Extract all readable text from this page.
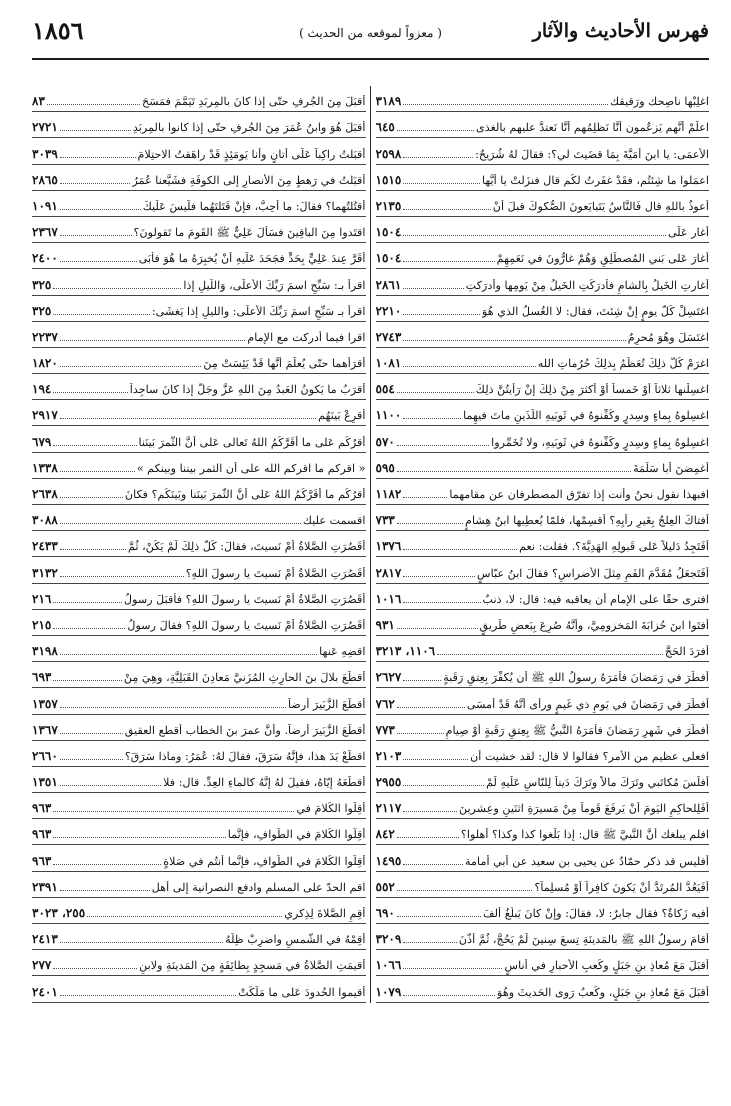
فهرس الأحاديث والآثار
( معزواً لموقعه من الحديث )
١٨٥٦
اغلِبْها ناصِحك ورَقيقك
٣١٨٩
اعلَمْ أنَّهم يَزعُمون أنَّا نَظلِمُهم أنَّا نَعتدُّ عليهم بالغذى
٦٤٥
الأعمَى: يا ابنَ أُمَيَّةَ بِمَا قضَيتَ لي؟: فقالَ لهُ شُرَيحٌ:
٢٥٩٨
اعمَلوا ما شِئتُم، فقَدْ غفَرتُ لكُم قال فنزَلتْ يا أيُّها
١٥١٥
أَعوذُ باللهِ قال فَالنَّاسُ يَتَبايَعونَ الصُّكوكَ قبلَ أنْ
٢١٣٥
أغار عَلَى
١٥٠٤
أغارَ عَلى بَني المُصطَلِقِ وَهُمْ غارُّونَ في نَعَمِهِمْ
١٥٠٤
أغارتِ الخَيلُ بِالشامِ فأَدرَكَتِ الخَيلُ مِنْ يَومِها وأَدرَكتِ
٢٨٦١
اغتَسِلْ كُلَّ يومٍ إنْ شِئتَ، فقال: لا الغُسلُ الذي هُوَ
٢٢١٠
اغتَسَلَ وهُوَ مُحرِمٌ
٢٧٤٣
اغرَمْ كُلَّ ذلِكَ تُعَظِّمُ بِذلِكَ حُرُماتِ الله
١٠٨١
اغسِلْنها ثلاثاً أوْ خَمساً أوْ أكثرَ مِنْ ذلِكَ إنْ رَأيتُنَّ ذلِكَ
٥٥٤
اغسِلوهُ بِماءٍ وسِدرٍ وكَفِّنوهُ في ثَوبَيهِ اللَّذَينِ ماتَ فيهِما
١١٠٠
اغسِلوهُ بِماءٍ وسِدرٍ وكَفِّنوهُ في ثَوبَيهِ، ولا تُخَمِّروا
٥٧٠
أغمِضنَ أبا سَلَمَةَ
٥٩٥
افبهذا نقول نحنُ وأنت إذا تفرّق المصطرفان عن مقامهما
١١٨٢
أَفتاكَ العِلجُ بِغَيرِ رأيِهِ؟ أقسِمْها، فلمّا يُعطِيها ابنُ هِشامٍ
٧٣٣
أَفَتَجِدُ دَليلاً عَلى قَبولِهِ الهَدِيَّةَ؟. فقلت: نعم
١٣٧٦
أفَتَجعَلُ مُقَدَّمَ الفَمِ مِثلَ الأضراسِ؟ فقالَ ابنُ عبّاسٍ
٢٨١٧
افترى حقًا على الإمام أن يعاقبه فيه: قال: لا، ذنبٌ
١٠١٦
أفتَوا ابنَ حُزابَةَ المَخزومِيَّ، وأنَّهُ صُرِعَ بِبَعضِ طَريقٍ
٩٣١
أفرَدَ الحَجَّ
١١٠٦، ٣٢١٣
أفطَرَ في رَمَضانَ فأمَرَهُ رسولُ اللهِ ﷺ أن يُكفِّرَ بِعِتقِ رَقَبةٍ
٢٦٢٧
أفطَرَ في رَمَضانَ في يَومِ ذي غَيمٍ ورأَى أنَّهُ قَدْ أمسَى
٧٦٢
أفطَرَ في شَهرِ رَمَضانَ فأمَرَهُ النَّبيُّ ﷺ بِعِتقِ رَقَبةٍ أوْ صِيامِ
٧٧٣
افعلى عظيم من الأمر؟ فقالوا لا قال: لقد خشيت أن
٢١٠٣
أفلَسَ مُكاتَبي وتَرَكَ مالاً وتَرَكَ دَيناً لِلنّاسِ عَلَيهِ لَمْ
٢٩٥٥
أفَلِلحاكِمِ اليَومَ أنْ يَرفَعَ قَوماً مِنْ مَسيرَةِ اثنَينِ وعِشرينَ
٢١١٧
افلم يبلغك أنَّ النَّبيَّ ﷺ قال: إذا بَلَغوا كذا وكذا؟ أهلوا؟
٨٤٢
أفليس قد ذكر حمّادٌ عن يحيى بن سعيد عن أبي أمامة
١٤٩٥
أفَيَعُدُّ المُرتَدُّ أنْ يَكونَ كافِراً أوْ مُسلِماً؟
٥٥٢
أفيه زَكاةٌ؟ فقال جابرٌ: لا، فقالَ: وإنْ كانَ يَبلُغُ ألفَ
٦٩٠
أقامَ رسولُ اللهِ ﷺ بالمَدينَةِ تِسعَ سِنينَ لَمْ يَحُجَّ، ثُمَّ أذَّنَ
٣٢٠٩
أقبَلَ مَعَ مُعاذِ بنِ جَبَلٍ وكَعبِ الأحبارِ في أُناسٍ
١٠٦٦
أقبَلَ مَعَ مُعاذِ بنِ جَبَلٍ، وكَعبٌ رَوى الحَديثَ وهُوَ
١٠٧٩
أقبَلَ مِنَ الجُرفِ حتّى إذا كانَ بالمِربَدِ تَيَمَّمَ فمَسَحَ
٨٣
أقبَلَ هُوَ وابنُ عُمَرَ مِنَ الجُرفِ حتّى إذا كانوا بالمِربَدِ
٢٧٢١
أقبَلتُ راكِباً عَلَى أتانٍ وأنا يَومَئِذٍ قَدْ راهَقتُ الاحتِلامَ
٣٠٣٩
أقبَلتُ في رَهطٍ مِنَ الأنصارِ إلى الكوفَةِ فشَيَّعنا عُمَرُ
٢٨٦٥
أقتُلتُهما؟ فقالَ: ما أُحِبُّ، فإنْ قَتَلتَهُما فلَيسَ عَلَيكَ
١٠٩١
اقتَدوا مِنَ الباقِينَ فسَأَلَ عَلِيٌّ ﷺ القَومَ ما تَقولونَ؟
٢٣٦٧
أقَرَّ عِندَ عَلِيٍّ بِحَدٍّ فجَحَدَ عَلَيهِ أنْ يُخبِرَهُ ما هُوَ فأبَى
٢٤٠٠
اقرأ بـ: سَبِّحِ اسمَ رَبِّكَ الأعلَى، وَاللَّيلِ إذا
٣٢٥
اقرأ بـ سَبِّحِ اسمَ رَبِّكَ الأعلَى: والليلِ إذا يَغشَى:
٣٢٥
اقرا فيما أدركت مع الإمام
٢٢٣٧
أقرَأُهما حتّى يُعلَمَ أنَّها قَدْ يَئِسَتْ مِنَ
١٨٢٠
أقرَبُ ما يَكونُ العَبدُ مِنَ اللهِ عَزَّ وجَلَّ إذا كانَ ساجِداً
١٩٤
أقرِعْ بَينَهُم
٢٩١٧
أقرُكُم عَلى ما أقَرَّكُمُ اللهُ تَعالى عَلى أنَّ الثَّمرَ بَينَنا
٦٧٩
« اقركم ما اقركم الله على أن الثمر بيننا وبينكم »
١٣٣٨
أقرُكُم ما أقَرَّكُمُ اللهُ عَلى أنَّ الثَّمرَ بَينَنا وبَينَكُم؟ فكانَ
٢٦٣٨
اقسمت عليك
٣٠٨٨
أقَصُرَتِ الصَّلاةُ أمْ نَسيتَ، فقالَ: كُلُّ ذلِكَ لَمْ يَكُنْ، ثُمَّ
٢٤٣٣
أقَصُرَتِ الصَّلاةُ أمْ نَسيتَ يا رسولَ اللهِ؟
٣١٣٢
أقَصُرَتِ الصَّلاةُ أمْ نَسيتَ يا رسولَ اللهِ؟ فأقبَلَ رسولُ
٢١٦
أقَصُرَتِ الصَّلاةُ أمْ نَسيتَ يا رسولَ اللهِ؟ فقالَ رسولُ
٢١٥
اقضِهِ عَنها
٣١٩٨
أقطَعَ بلالَ بنَ الحارِثِ المُزَنيَّ مَعادِنَ القَبَلِيَّةِ، وهِيَ مِنْ
٦٩٣
أقطَعَ الزُّبَيرَ أرضاً
١٣٥٧
أقطَعَ الزُّبَيرَ أرضاً. وأنَّ عمرَ بنَ الخطاب أقطع العقيق
١٣٦٧
اقطَعْ يَدَ هذا، فإنَّهُ سَرَقَ، فقالَ لهُ: عُمَرُ: وماذا سَرَقَ؟
٢٦٦٠
أقطَعَهُ إيّاهُ، فقيلَ لهُ إنَّهُ كالماءِ العِدِّ. قال: فلا
١٣٥١
أقِلّوا الكَلامَ في
٩٦٣
أقِلّوا الكَلامَ في الطَّوافِ، فإنَّما
٩٦٣
أقِلّوا الكَلامَ في الطَّوافِ، فإنَّما أنتُم في صَلاةٍ
٩٦٣
اقم الحدّ على المسلم وادفع النصرانية إلى أهل
٢٣٩١
أقِمِ الصَّلاةَ لِذِكري
٢٥٥، ٣٠٢٣
أقِمْهُ في الشَّمسِ واضرِبْ ظِلَّهُ
٢٤١٣
أُقيمَتِ الصَّلاةُ في مَسجِدٍ بِطائِفَةٍ مِنَ المَدينَةِ ولابنِ
٢٧٧
أقيموا الحُدودَ عَلى ما مَلَكَتْ
٢٤٠١
